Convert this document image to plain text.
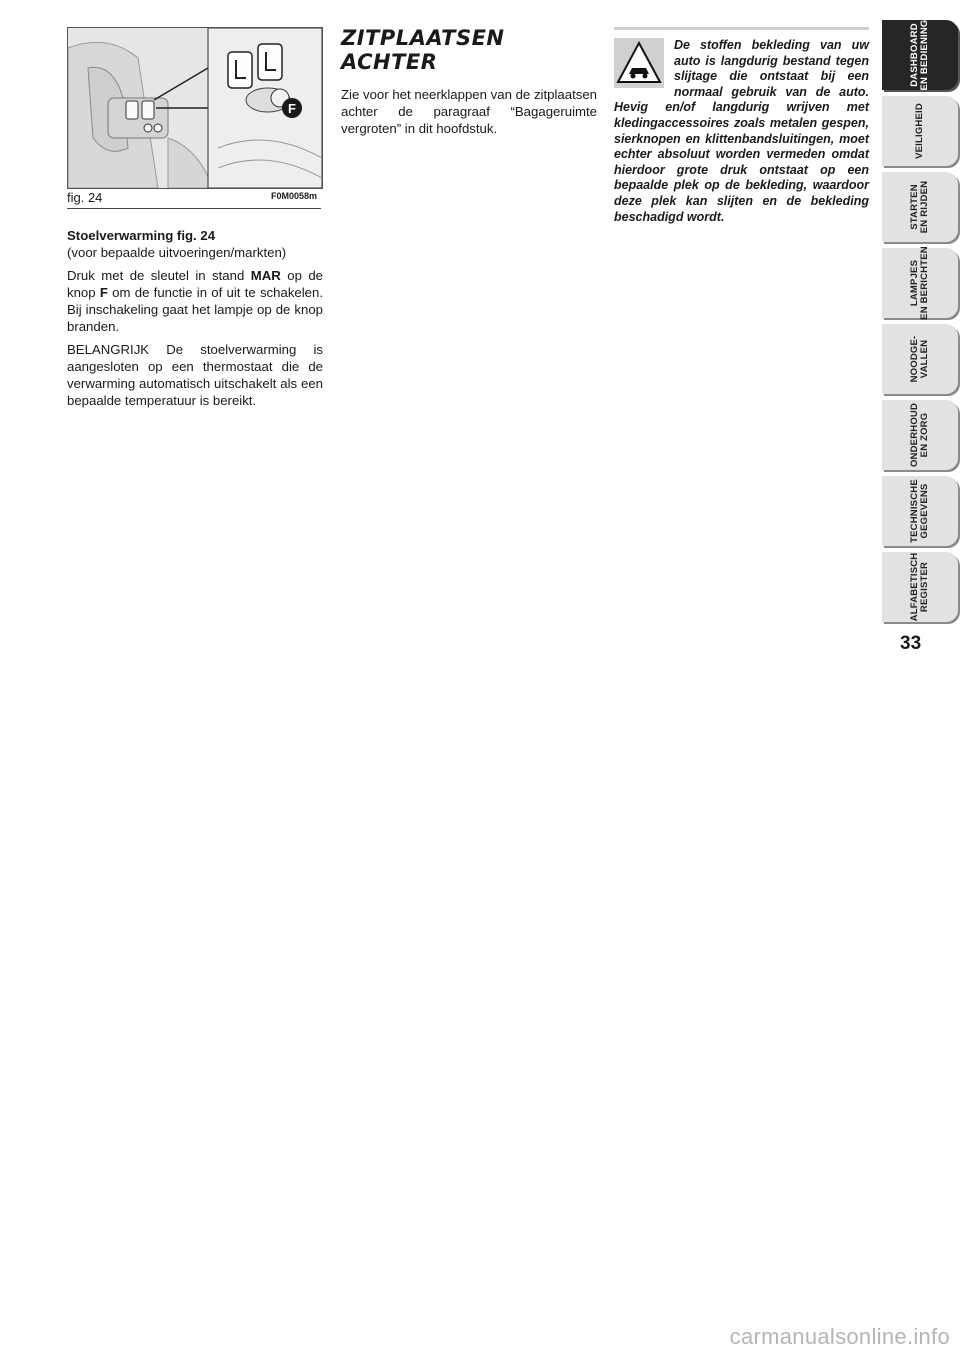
F
fig. 24	F0M0058m

Stoelverwarming fig. 24

(voor bepaalde uitvoeringen/markten)

Druk met de sleutel in stand MAR op de knop F om de functie in of uit te schakelen. Bij inschakeling gaat het lampje op de knop branden.

BELANGRIJK De stoelverwarming is aangesloten op een thermostaat die de verwarming automatisch uitschakelt als een bepaalde temperatuur is bereikt.

ZITPLAATSEN ACHTER

Zie voor het neerklappen van de zitplaatsen achter de paragraaf “Bagageruimte vergroten” in dit hoofdstuk.

De stoffen bekleding van uw auto is langdurig bestand tegen slijtage die ontstaat bij een normaal gebruik van de auto. Hevig en/of langdurig wrijven met kledingaccessoires zoals metalen gespen, sierknopen en klittenbandsluitingen, moet echter absoluut worden vermeden omdat hierdoor grote druk ontstaat op een bepaalde plek op de bekleding, waardoor deze plek kan slijten en de bekleding beschadigd wordt.
DASHBOARD
EN BEDIENING
VEILIGHEID
STARTEN
EN RIJDEN
LAMPJES
EN BERICHTEN
NOODGE-
VALLEN
ONDERHOUD
EN ZORG
TECHNISCHE
GEGEVENS
ALFABETISCH
REGISTER
33
carmanualsonline.info
